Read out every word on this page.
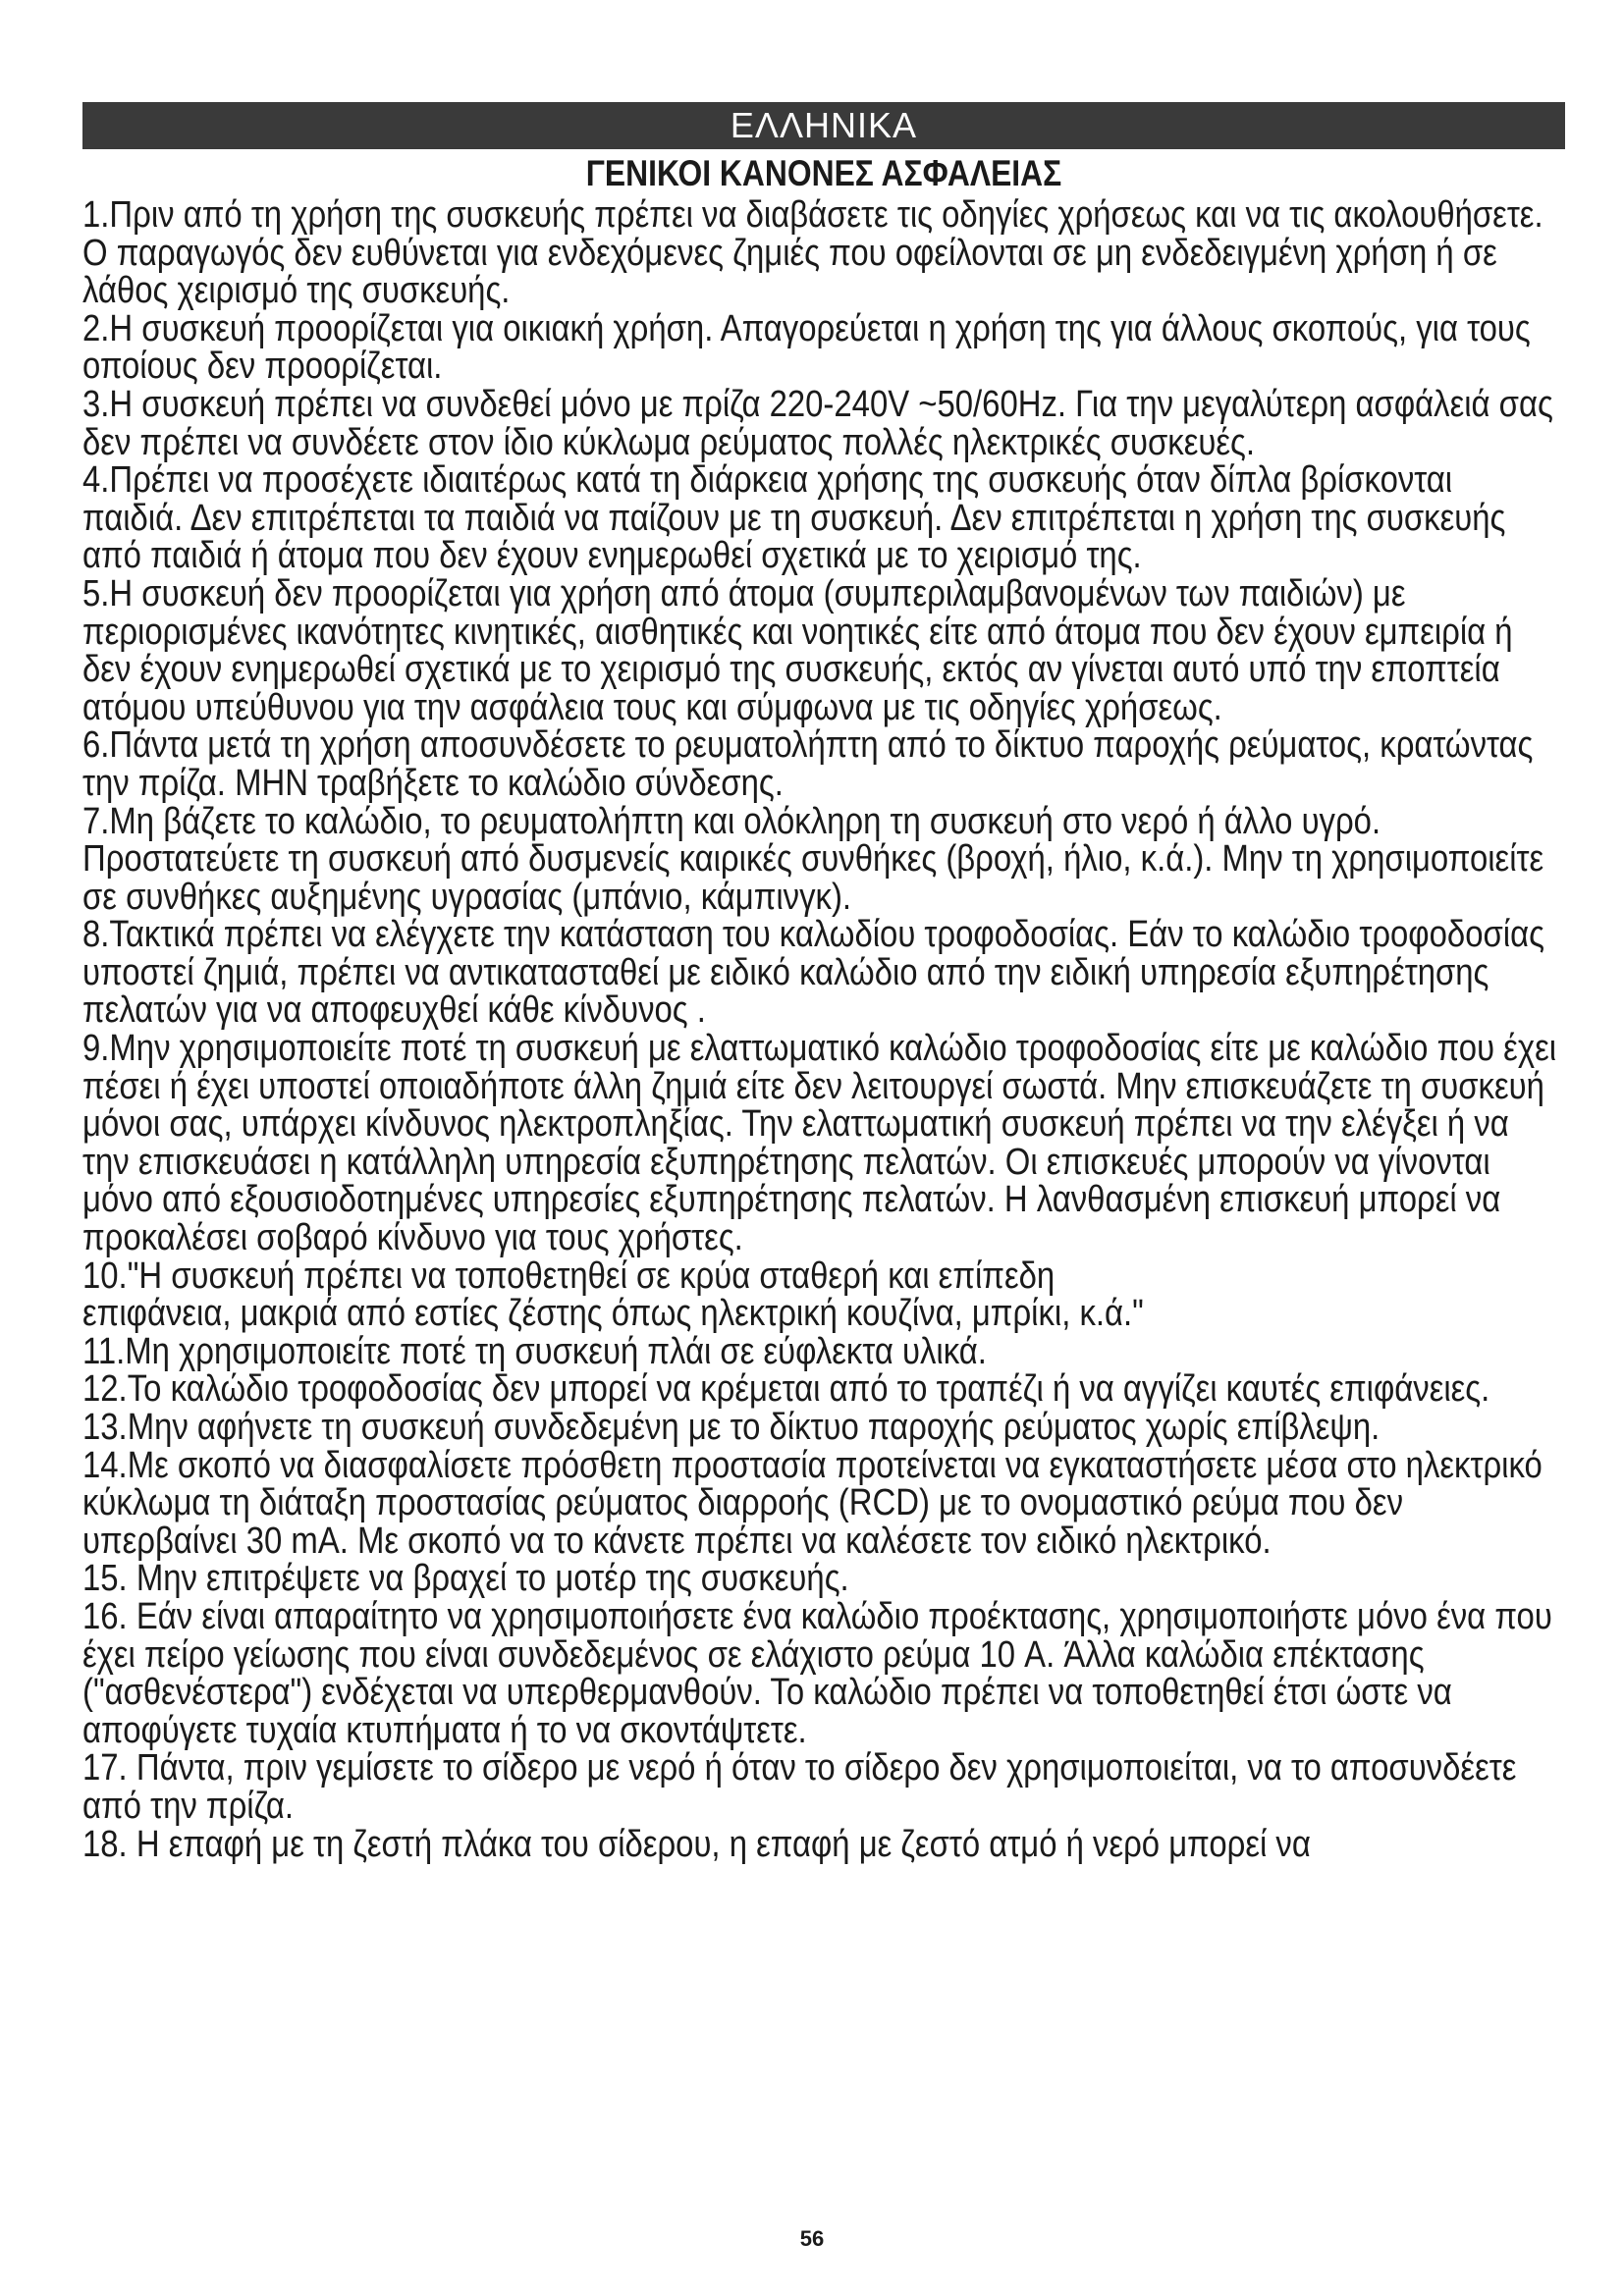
ΕΛΛΗΝΙΚΑ
ΓΕΝΙΚΟΙ ΚΑΝΟΝΕΣ ΑΣΦΑΛΕΙΑΣ

1.Πριν από τη χρήση της συσκευής πρέπει να διαβάσετε τις οδηγίες χρήσεως και να τις ακολουθήσετε. Ο παραγωγός δεν ευθύνεται για ενδεχόμενες ζημιές που οφείλονται σε μη ενδεδειγμένη χρήση ή σε λάθος χειρισμό της συσκευής.

2.Η συσκευή προορίζεται για οικιακή χρήση. Απαγορεύεται η χρήση της για άλλους σκοπούς, για τους οποίους δεν προορίζεται.

3.Η συσκευή πρέπει να συνδεθεί μόνο με πρίζα 220-240V ~50/60Hz. Για την μεγαλύτερη ασφάλειά σας δεν πρέπει να συνδέετε στον ίδιο κύκλωμα ρεύματος πολλές ηλεκτρικές συσκευές.

4.Πρέπει να προσέχετε ιδιαιτέρως κατά τη διάρκεια χρήσης της συσκευής όταν δίπλα βρίσκονται παιδιά. Δεν επιτρέπεται τα παιδιά να παίζουν με τη συσκευή. Δεν επιτρέπεται η χρήση της συσκευής από παιδιά ή άτομα που δεν έχουν ενημερωθεί σχετικά με το χειρισμό της.

5.Η συσκευή δεν προορίζεται για χρήση από άτομα (συμπεριλαμβανομένων των παιδιών) με περιορισμένες ικανότητες κινητικές, αισθητικές και νοητικές είτε από άτομα που δεν έχουν εμπειρία ή δεν έχουν ενημερωθεί σχετικά με το χειρισμό της συσκευής, εκτός αν γίνεται αυτό υπό την εποπτεία ατόμου υπεύθυνου για την ασφάλεια τους και σύμφωνα με τις οδηγίες χρήσεως.

6.Πάντα μετά τη χρήση αποσυνδέσετε το ρευματολήπτη από το δίκτυο παροχής ρεύματος, κρατώντας την πρίζα. ΜΗΝ τραβήξετε το καλώδιο σύνδεσης.

7.Μη βάζετε το καλώδιο, το ρευματολήπτη και ολόκληρη τη συσκευή στο νερό ή άλλο υγρό. Προστατεύετε τη συσκευή από δυσμενείς καιρικές συνθήκες (βροχή, ήλιο, κ.ά.). Μην τη χρησιμοποιείτε σε συνθήκες αυξημένης υγρασίας (μπάνιο, κάμπινγκ).

8.Τακτικά πρέπει να ελέγχετε την κατάσταση του καλωδίου τροφοδοσίας. Εάν το καλώδιο τροφοδοσίας υποστεί ζημιά, πρέπει να αντικατασταθεί με ειδικό καλώδιο από την ειδική υπηρεσία εξυπηρέτησης πελατών για να αποφευχθεί κάθε κίνδυνος .

9.Μην χρησιμοποιείτε ποτέ τη συσκευή με ελαττωματικό καλώδιο τροφοδοσίας είτε με καλώδιο που έχει πέσει ή έχει υποστεί οποιαδήποτε άλλη ζημιά είτε δεν λειτουργεί σωστά. Μην επισκευάζετε τη συσκευή μόνοι σας, υπάρχει κίνδυνος ηλεκτροπληξίας. Την ελαττωματική συσκευή πρέπει να την ελέγξει ή να την επισκευάσει η κατάλληλη υπηρεσία εξυπηρέτησης πελατών. Οι επισκευές μπορούν να γίνονται μόνο από εξουσιοδοτημένες υπηρεσίες εξυπηρέτησης πελατών. Η λανθασμένη επισκευή μπορεί να προκαλέσει σοβαρό κίνδυνο για τους χρήστες.

10."Η συσκευή πρέπει να τοποθετηθεί σε κρύα σταθερή και επίπεδη

επιφάνεια, μακριά από εστίες ζέστης όπως ηλεκτρική κουζίνα, μπρίκι, κ.ά."

11.Μη χρησιμοποιείτε ποτέ τη συσκευή πλάι σε εύφλεκτα υλικά.

12.Το καλώδιο τροφοδοσίας δεν μπορεί να κρέμεται από το τραπέζι ή να αγγίζει καυτές επιφάνειες.

13.Μην αφήνετε τη συσκευή συνδεδεμένη με το δίκτυο παροχής ρεύματος χωρίς επίβλεψη.

14.Με σκοπό να διασφαλίσετε πρόσθετη προστασία προτείνεται να εγκαταστήσετε μέσα στο ηλεκτρικό κύκλωμα τη διάταξη προστασίας ρεύματος διαρροής (RCD) με το ονομαστικό ρεύμα που δεν υπερβαίνει 30 mA. Με σκοπό να το κάνετε πρέπει να καλέσετε τον ειδικό ηλεκτρικό.

15. Μην επιτρέψετε να βραχεί το μοτέρ της συσκευής.

16. Εάν είναι απαραίτητο να χρησιμοποιήσετε ένα καλώδιο προέκτασης, χρησιμοποιήστε μόνο ένα που έχει πείρο γείωσης που είναι συνδεδεμένος σε ελάχιστο ρεύμα 10 A. Άλλα καλώδια επέκτασης ("ασθενέστερα") ενδέχεται να υπερθερμανθούν. Το καλώδιο πρέπει να τοποθετηθεί έτσι ώστε να αποφύγετε τυχαία κτυπήματα ή το να σκοντάψτετε.

17. Πάντα, πριν γεμίσετε το σίδερο με νερό ή όταν το σίδερο δεν χρησιμοποιείται, να το αποσυνδέετε από την πρίζα.

18. Η επαφή με τη ζεστή πλάκα του σίδερου, η επαφή με ζεστό ατμό ή νερό μπορεί να

56
